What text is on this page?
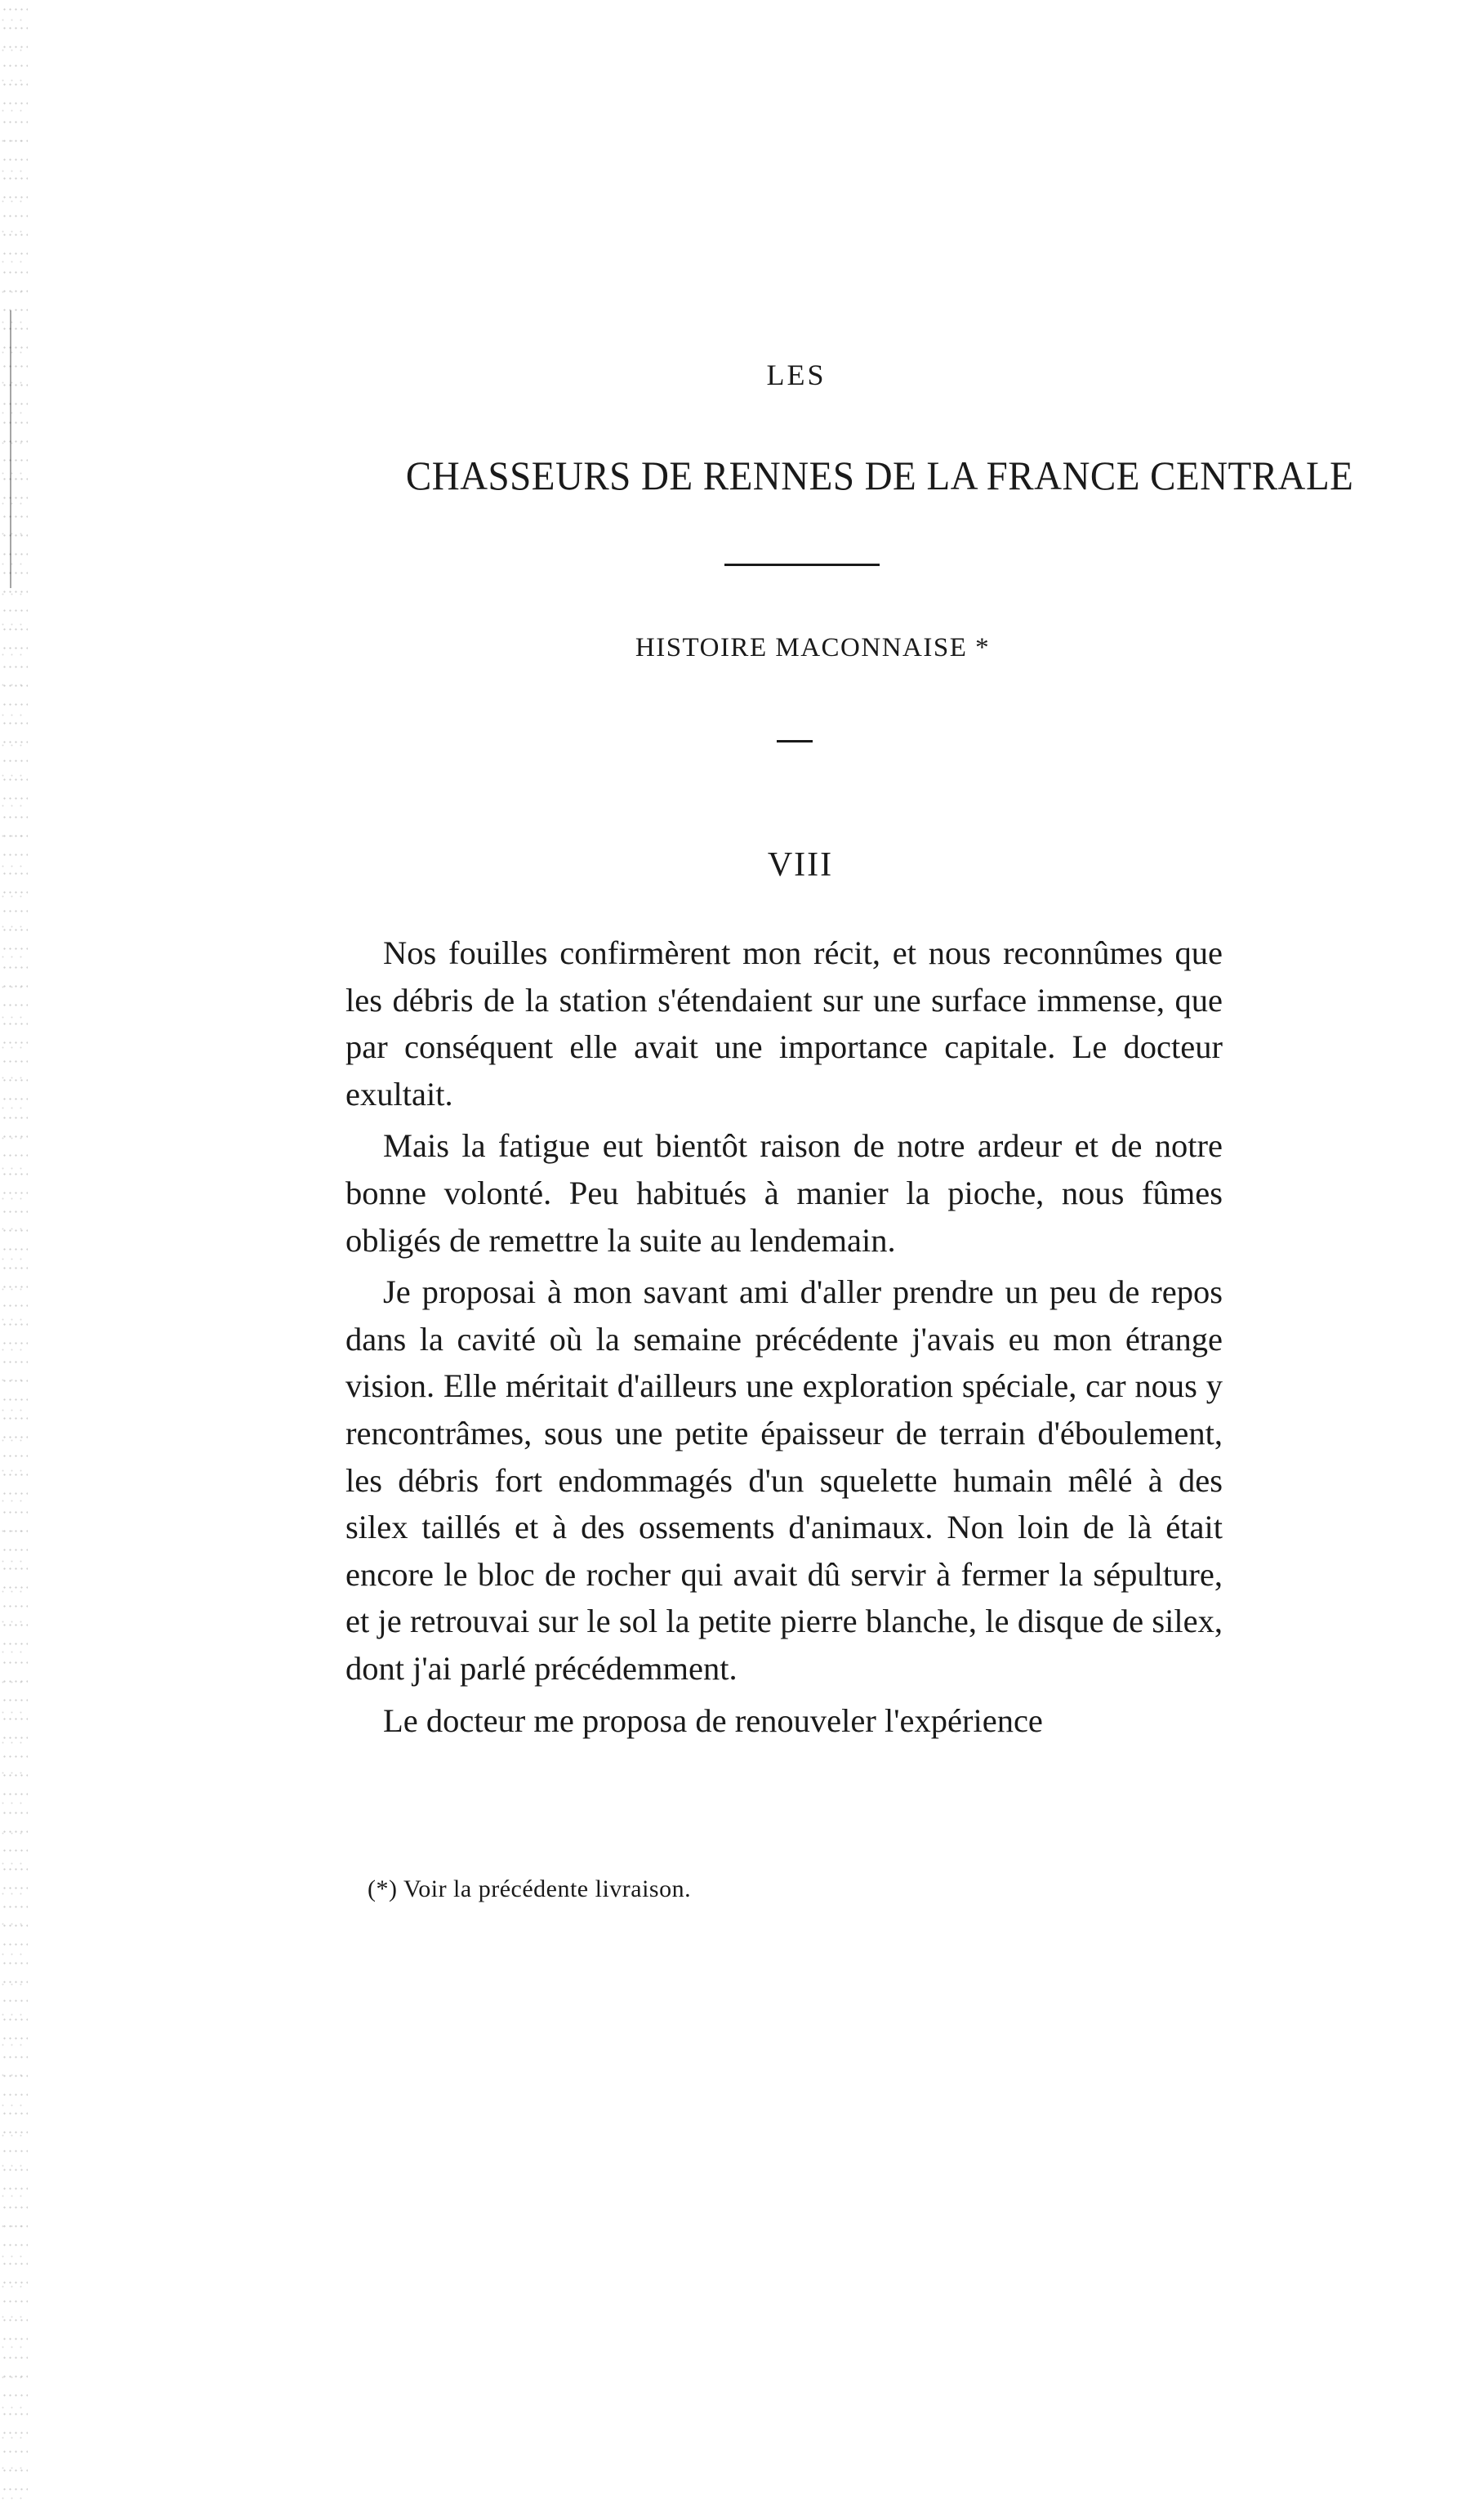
LES
CHASSEURS DE RENNES DE LA FRANCE CENTRALE
HISTOIRE MACONNAISE *
VIII

Nos fouilles confirmèrent mon récit, et nous reconnûmes que les débris de la station s'étendaient sur une surface immense, que par conséquent elle avait une importance capitale. Le docteur exultait.

Mais la fatigue eut bientôt raison de notre ardeur et de notre bonne volonté. Peu habitués à manier la pioche, nous fûmes obligés de remettre la suite au lendemain.

Je proposai à mon savant ami d'aller prendre un peu de repos dans la cavité où la semaine précédente j'avais eu mon étrange vision. Elle méritait d'ailleurs une exploration spéciale, car nous y rencontrâmes, sous une petite épaisseur de terrain d'éboulement, les débris fort endommagés d'un squelette humain mêlé à des silex taillés et à des ossements d'animaux. Non loin de là était encore le bloc de rocher qui avait dû servir à fermer la sépulture, et je retrouvai sur le sol la petite pierre blanche, le disque de silex, dont j'ai parlé précédemment.

Le docteur me proposa de renouveler l'expérience

(*) Voir la précédente livraison.
